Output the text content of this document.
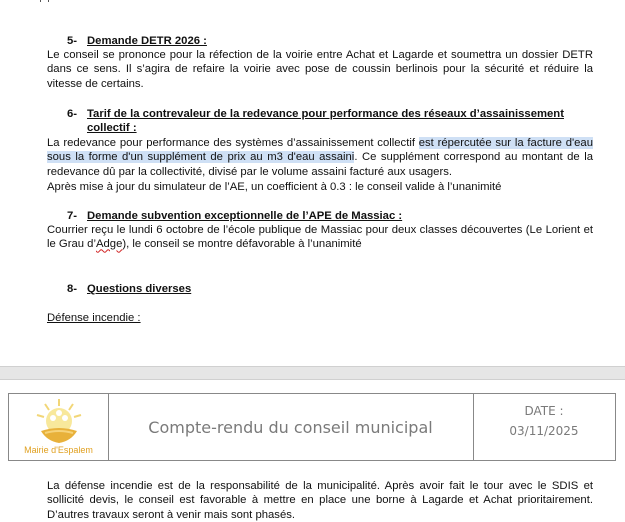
5- Demande DETR 2026 :
Le conseil se prononce pour la réfection de la voirie entre Achat et Lagarde et soumettra un dossier DETR dans ce sens. Il s’agira de refaire la voirie avec pose de coussin berlinois pour la sécurité et réduire la vitesse de certains.
6- Tarif de la contrevaleur de la redevance pour performance des réseaux d’assainissement
collectif :
La redevance pour performance des systèmes d’assainissement collectif est répercutée sur la facture d'eau sous la forme d'un supplément de prix au m3 d'eau assaini. Ce supplément correspond au montant de la redevance dû par la collectivité, divisé par le volume assaini facturé aux usagers.
Après mise à jour du simulateur de l’AE, un coefficient à 0.3 : le conseil valide à l’unanimité
7- Demande subvention exceptionnelle de l’APE de Massiac :
Courrier reçu le lundi 6 octobre de l’école publique de Massiac pour deux classes découvertes (Le Lorient et le Grau d’Adge), le conseil se montre défavorable à l’unanimité
8- Questions diverses
Défense incendie :
Mairie d'Espalem
Compte-rendu du conseil municipal
DATE :
03/11/2025
La défense incendie est de la responsabilité de la municipalité. Après avoir fait le tour avec le SDIS et sollicité devis, le conseil est favorable à mettre en place une borne à Lagarde et Achat prioritairement. D’autres travaux seront à venir mais sont phasés.
